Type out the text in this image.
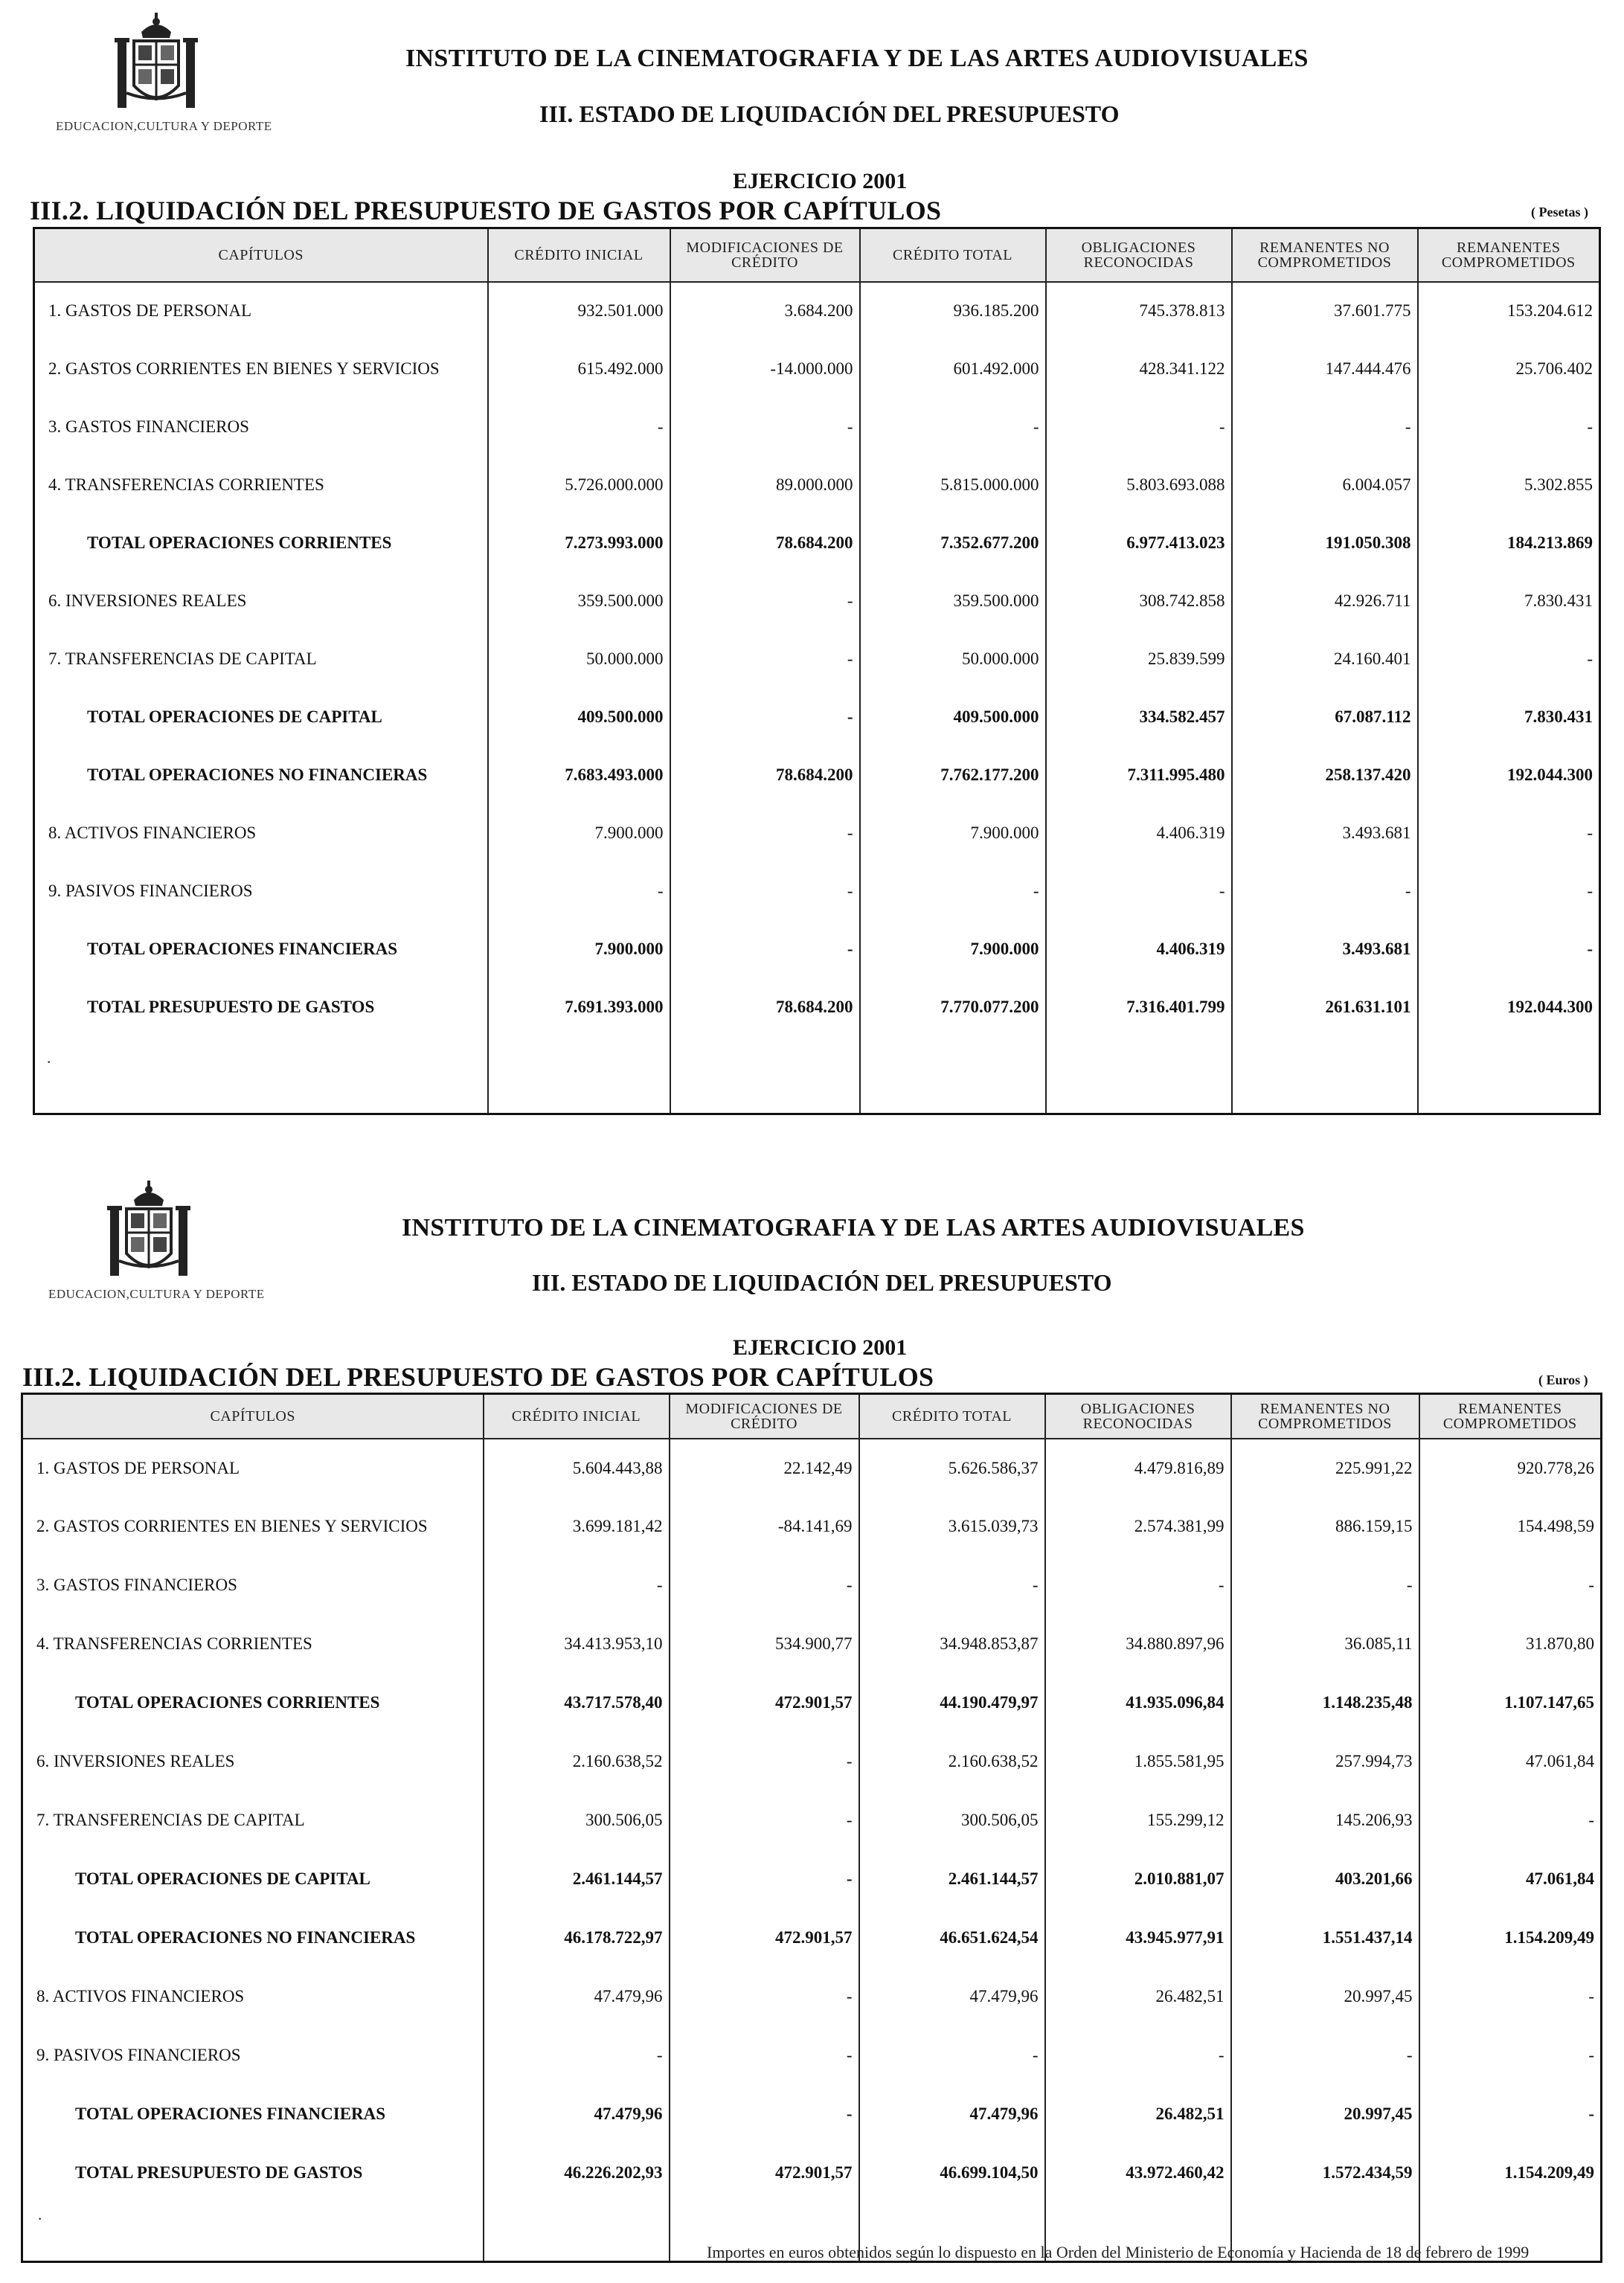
EDUCACION,CULTURA Y DEPORTE
INSTITUTO DE LA CINEMATOGRAFIA Y DE LAS ARTES AUDIOVISUALES
III. ESTADO DE LIQUIDACIÓN DEL PRESUPUESTO
EJERCICIO 2001
III.2. LIQUIDACIÓN DEL PRESUPUESTO DE GASTOS POR CAPÍTULOS	( Pesetas )
CAPÍTULOS	CRÉDITO INICIAL	MODIFICACIONES DE CRÉDITO	CRÉDITO TOTAL	OBLIGACIONES RECONOCIDAS	REMANENTES NO COMPROMETIDOS	REMANENTES COMPROMETIDOS
1. GASTOS DE PERSONAL	932.501.000	3.684.200	936.185.200	745.378.813	37.601.775	153.204.612
2. GASTOS CORRIENTES EN BIENES Y SERVICIOS	615.492.000	-14.000.000	601.492.000	428.341.122	147.444.476	25.706.402
3. GASTOS FINANCIEROS	-	-	-	-	-	-
4. TRANSFERENCIAS CORRIENTES	5.726.000.000	89.000.000	5.815.000.000	5.803.693.088	6.004.057	5.302.855
TOTAL OPERACIONES CORRIENTES	7.273.993.000	78.684.200	7.352.677.200	6.977.413.023	191.050.308	184.213.869
6. INVERSIONES REALES	359.500.000	-	359.500.000	308.742.858	42.926.711	7.830.431
7. TRANSFERENCIAS DE CAPITAL	50.000.000	-	50.000.000	25.839.599	24.160.401	-
TOTAL OPERACIONES DE CAPITAL	409.500.000	-	409.500.000	334.582.457	67.087.112	7.830.431
TOTAL OPERACIONES NO FINANCIERAS	7.683.493.000	78.684.200	7.762.177.200	7.311.995.480	258.137.420	192.044.300
8. ACTIVOS FINANCIEROS	7.900.000	-	7.900.000	4.406.319	3.493.681	-
9. PASIVOS FINANCIEROS	-	-	-	-	-	-
TOTAL OPERACIONES FINANCIERAS	7.900.000	-	7.900.000	4.406.319	3.493.681	-
TOTAL PRESUPUESTO DE GASTOS	7.691.393.000	78.684.200	7.770.077.200	7.316.401.799	261.631.101	192.044.300

·
EDUCACION,CULTURA Y DEPORTE
INSTITUTO DE LA CINEMATOGRAFIA Y DE LAS ARTES AUDIOVISUALES
III. ESTADO DE LIQUIDACIÓN DEL PRESUPUESTO
EJERCICIO 2001
III.2. LIQUIDACIÓN DEL PRESUPUESTO DE GASTOS POR CAPÍTULOS	( Euros )
CAPÍTULOS	CRÉDITO INICIAL	MODIFICACIONES DE CRÉDITO	CRÉDITO TOTAL	OBLIGACIONES RECONOCIDAS	REMANENTES NO COMPROMETIDOS	REMANENTES COMPROMETIDOS
1. GASTOS DE PERSONAL	5.604.443,88	22.142,49	5.626.586,37	4.479.816,89	225.991,22	920.778,26
2. GASTOS CORRIENTES EN BIENES Y SERVICIOS	3.699.181,42	-84.141,69	3.615.039,73	2.574.381,99	886.159,15	154.498,59
3. GASTOS FINANCIEROS	-	-	-	-	-	-
4. TRANSFERENCIAS CORRIENTES	34.413.953,10	534.900,77	34.948.853,87	34.880.897,96	36.085,11	31.870,80
TOTAL OPERACIONES CORRIENTES	43.717.578,40	472.901,57	44.190.479,97	41.935.096,84	1.148.235,48	1.107.147,65
6. INVERSIONES REALES	2.160.638,52	-	2.160.638,52	1.855.581,95	257.994,73	47.061,84
7. TRANSFERENCIAS DE CAPITAL	300.506,05	-	300.506,05	155.299,12	145.206,93	-
TOTAL OPERACIONES DE CAPITAL	2.461.144,57	-	2.461.144,57	2.010.881,07	403.201,66	47.061,84
TOTAL OPERACIONES NO FINANCIERAS	46.178.722,97	472.901,57	46.651.624,54	43.945.977,91	1.551.437,14	1.154.209,49
8. ACTIVOS FINANCIEROS	47.479,96	-	47.479,96	26.482,51	20.997,45	-
9. PASIVOS FINANCIEROS	-	-	-	-	-	-
TOTAL OPERACIONES FINANCIERAS	47.479,96	-	47.479,96	26.482,51	20.997,45	-
TOTAL PRESUPUESTO DE GASTOS	46.226.202,93	472.901,57	46.699.104,50	43.972.460,42	1.572.434,59	1.154.209,49

·
Importes en euros obtenidos según lo dispuesto en la Orden del Ministerio de Economía y Hacienda de 18 de febrero de 1999
